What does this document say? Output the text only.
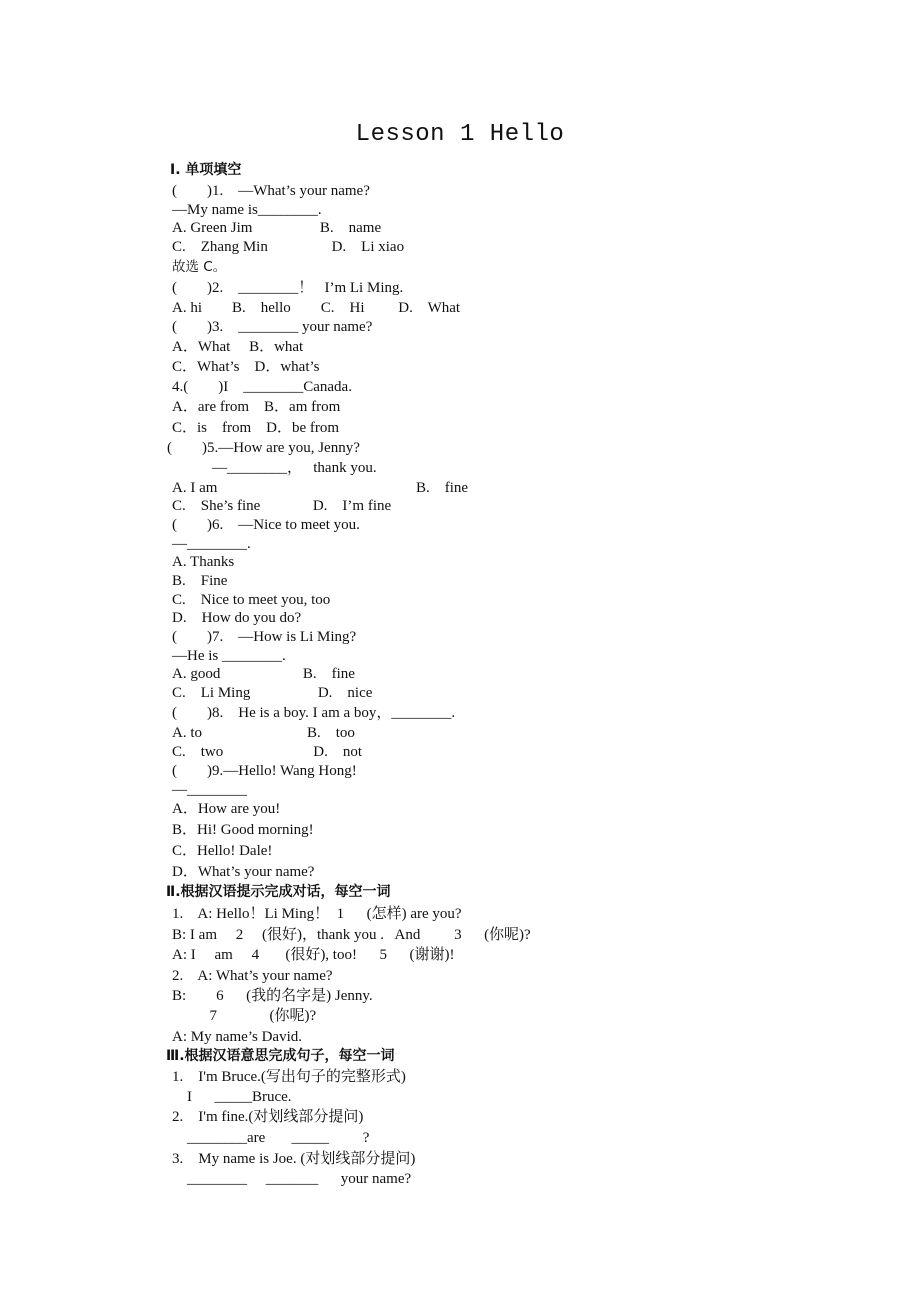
Lesson 1 Hello
Ⅰ. 单项填空
(        )1.    —What’s your name?
—My name is________.
A. Green Jim                  B.    name
C.    Zhang Min                 D.    Li xiao
故选 C。
(        )2.    ________！   I’m Li Ming.
A. hi        B.    hello        C.    Hi         D.    What
(        )3.    ________ your name?
A．What     B．what
C．What’s    D．what’s
4.(        )I    ________Canada.
A．are from    B．am from
C．is    from    D．be from
(        )5.—How are you, Jenny?
—________，   thank you.
A. I am	B.    fine
C.    She’s fine              D.    I’m fine
(        )6.    —Nice to meet you.
—________.
A. Thanks
B.    Fine
C.    Nice to meet you, too
D.    How do you do?
(        )7.    —How is Li Ming?
—He is ________.
A. good                      B.    fine
C.    Li Ming                  D.    nice
(        )8.    He is a boy. I am a boy，________.
A. to                            B.    too
C.    two                        D.    not
(        )9.—Hello! Wang Hong!
—________
A．How are you!
B．Hi! Good morning!
C．Hello! Dale!
D．What’s your name?
Ⅱ.根据汉语提示完成对话，每空一词
1.    A: Hello！Li Ming！  1      (怎样) are you?
B: I am     2     (很好)，thank you .   And         3      (你呢)?
A: I     am     4       (很好), too!      5      (谢谢)!
2.    A: What’s your name?
B:        6      (我的名字是) Jenny.
7              (你呢)?
A: My name’s David.
Ⅲ.根据汉语意思完成句子，每空一词
1.    I'm Bruce.(写出句子的完整形式)
I      _____Bruce.
2.    I'm fine.(对划线部分提问)
________are       _____         ?
3.    My name is Joe. (对划线部分提问)
________     _______      your name?
